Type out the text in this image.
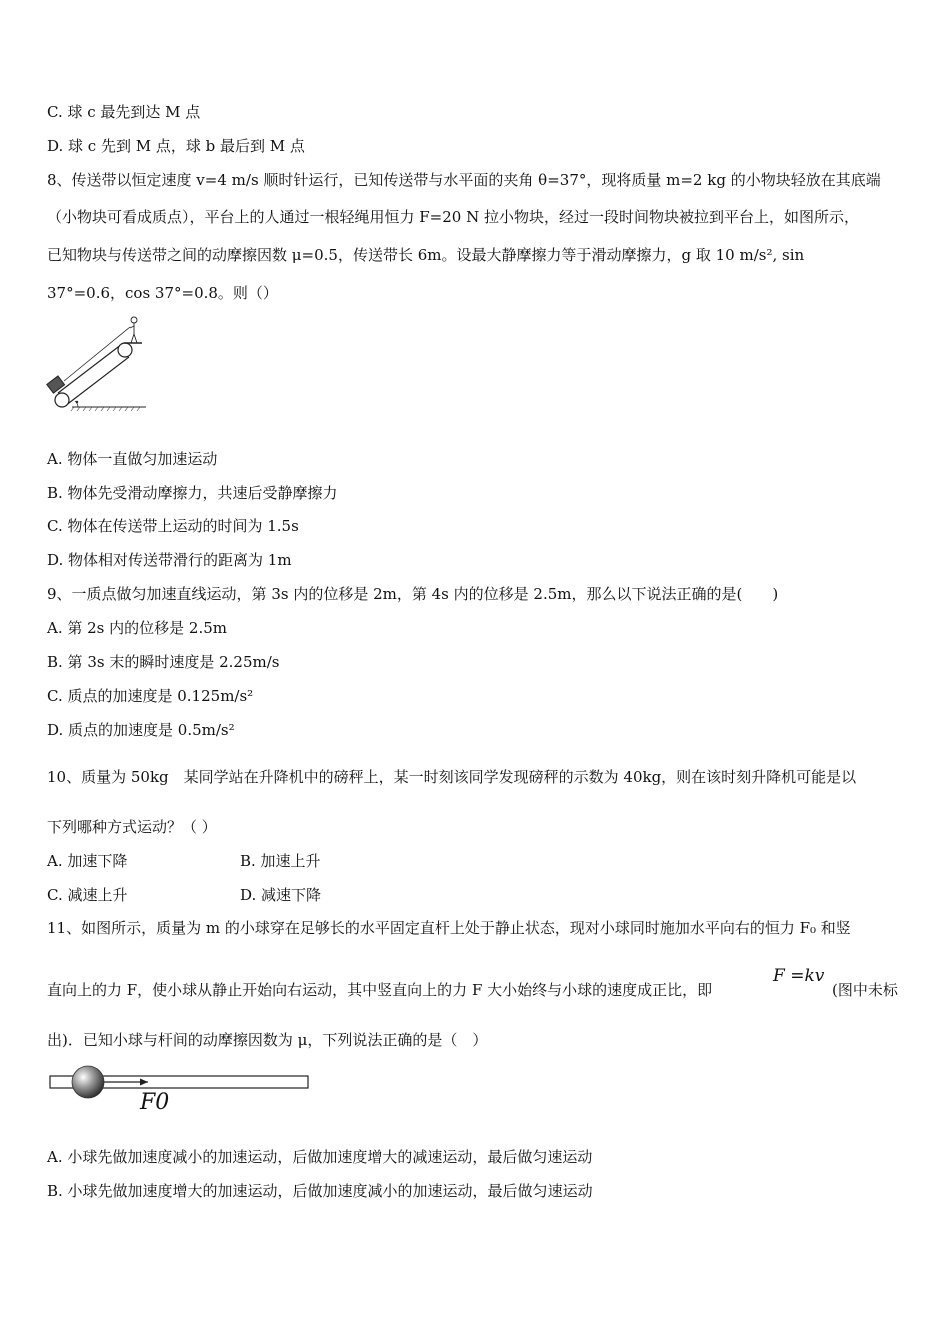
C. 球 c 最先到达 M 点
D. 球 c 先到 M 点，球 b 最后到 M 点
8、传送带以恒定速度 v=4 m/s 顺时针运行，已知传送带与水平面的夹角 θ=37°，现将质量 m=2 kg 的小物块轻放在其底端
（小物块可看成质点），平台上的人通过一根轻绳用恒力 F=20 N 拉小物块，经过一段时间物块被拉到平台上，如图所示，
已知物块与传送带之间的动摩擦因数 μ=0.5，传送带长 6m。设最大静摩擦力等于滑动摩擦力，g 取 10 m/s², sin
37°=0.6，cos 37°=0.8。则（）
A. 物体一直做匀加速运动
B. 物体先受滑动摩擦力，共速后受静摩擦力
C. 物体在传送带上运动的时间为 1.5s
D. 物体相对传送带滑行的距离为 1m
9、一质点做匀加速直线运动，第 3s 内的位移是 2m，第 4s 内的位移是 2.5m，那么以下说法正确的是(　　)
A. 第 2s 内的位移是 2.5m
B. 第 3s 末的瞬时速度是 2.25m/s
C. 质点的加速度是 0.125m/s²
D. 质点的加速度是 0.5m/s²
10、质量为 50kg　某同学站在升降机中的磅秤上，某一时刻该同学发现磅秤的示数为 40kg，则在该时刻升降机可能是以
下列哪种方式运动？（ ）
A. 加速下降	B. 加速上升
C. 减速上升	D. 减速下降
11、如图所示，质量为 m 的小球穿在足够长的水平固定直杆上处于静止状态，现对小球同时施加水平向右的恒力 F₀ 和竖
直向上的力 F，使小球从静止开始向右运动，其中竖直向上的力 F 大小始终与小球的速度成正比，即
F =kv
(图中未标
出)．已知小球与杆间的动摩擦因数为 μ，下列说法正确的是（　）
F0
A. 小球先做加速度减小的加速运动，后做加速度增大的减速运动，最后做匀速运动
B. 小球先做加速度增大的加速运动，后做加速度减小的加速运动，最后做匀速运动
